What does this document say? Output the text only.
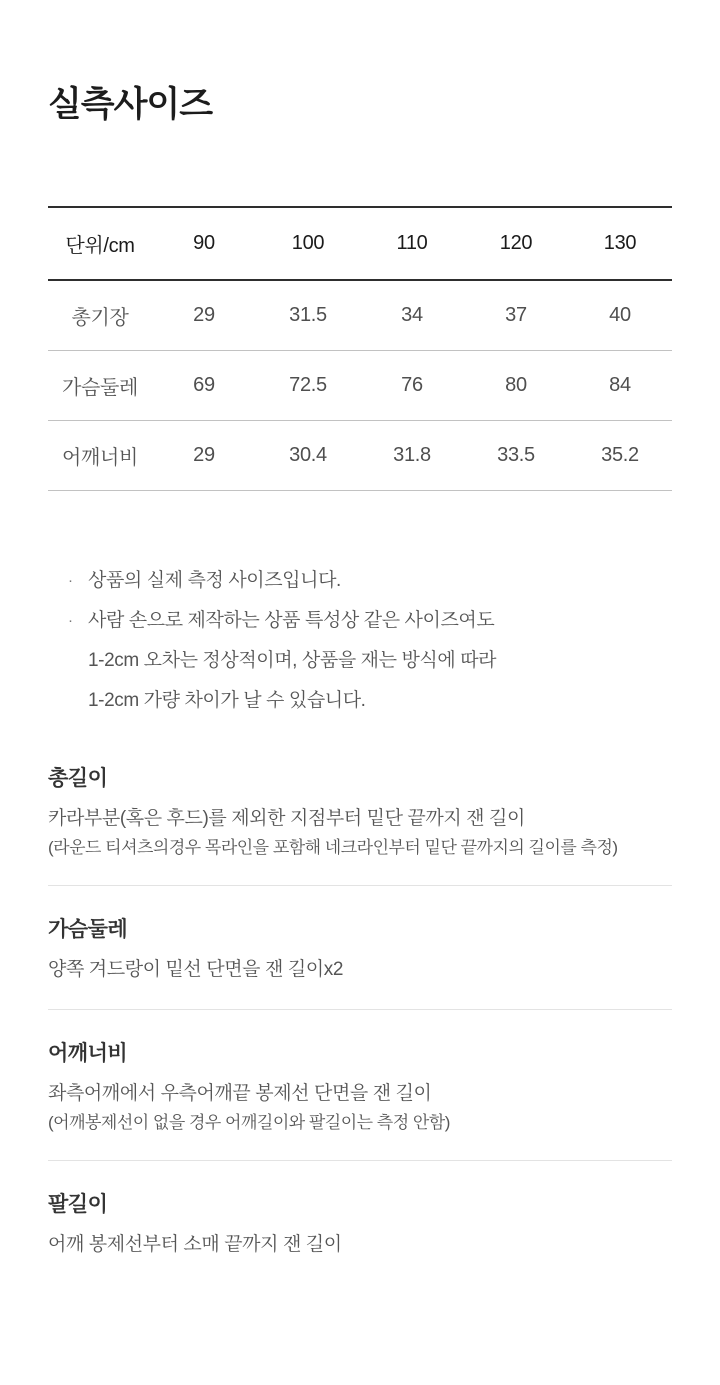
실측사이즈
단위/cm	90	100	110	120	130
총기장	29	31.5	34	37	40
가슴둘레	69	72.5	76	80	84
어깨너비	29	30.4	31.8	33.5	35.2
· 상품의 실제 측정 사이즈입니다.
· 사람 손으로 제작하는 상품 특성상 같은 사이즈여도
1-2cm 오차는 정상적이며, 상품을 재는 방식에 따라
1-2cm 가량 차이가 날 수 있습니다.
총길이

카라부분(혹은 후드)를 제외한 지점부터 밑단 끝까지 잰 길이

(라운드 티셔츠의경우 목라인을 포함해 네크라인부터 밑단 끝까지의 길이를 측정)

가슴둘레

양쪽 겨드랑이 밑선 단면을 잰 길이x2

어깨너비

좌측어깨에서 우측어깨끝 봉제선 단면을 잰 길이

(어깨봉제선이 없을 경우 어깨길이와 팔길이는 측정 안함)

팔길이

어깨 봉제선부터 소매 끝까지 잰 길이
